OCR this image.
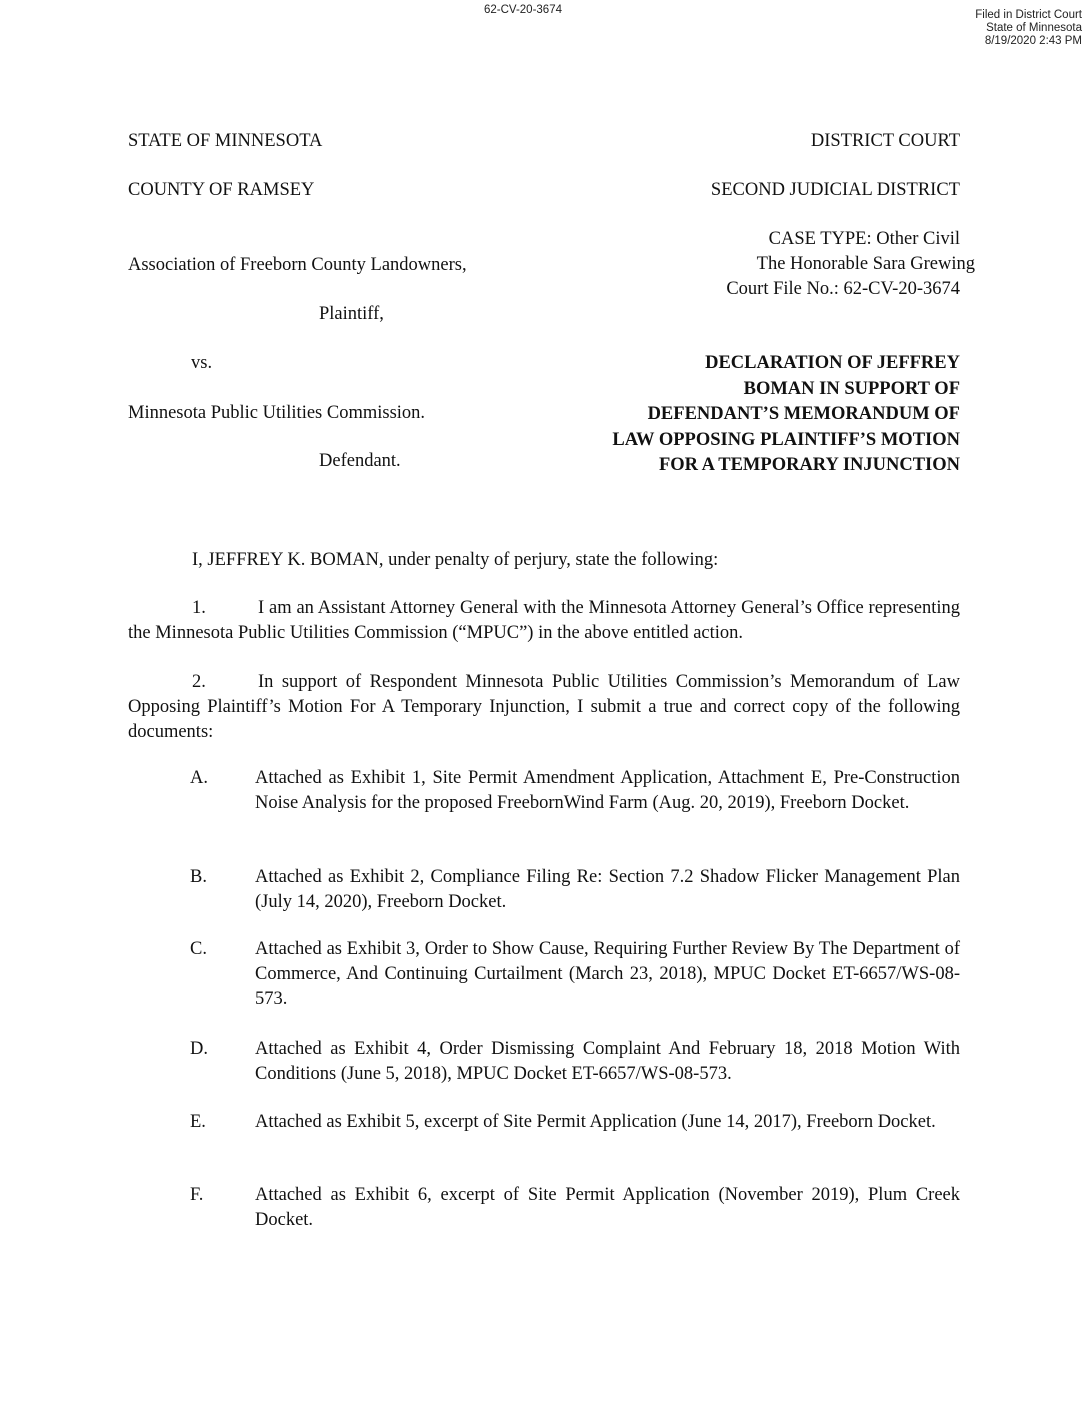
62-CV-20-3674	Filed in District Court
State of Minnesota
8/19/2020 2:43 PM
STATE OF MINNESOTA	DISTRICT COURT
COUNTY OF RAMSEY	SECOND JUDICIAL DISTRICT
CASE TYPE: Other Civil
The Honorable Sara Grewing
Court File No.: 62-CV-20-3674
Association of Freeborn County Landowners,
Plaintiff,
vs.
Minnesota Public Utilities Commission.
Defendant.
DECLARATION OF JEFFREY
BOMAN IN SUPPORT OF
DEFENDANT’S MEMORANDUM OF
LAW OPPOSING PLAINTIFF’S MOTION
FOR A TEMPORARY INJUNCTION
I, JEFFREY K. BOMAN, under penalty of perjury, state the following:
1.	I am an Assistant Attorney General with the Minnesota Attorney General’s Office representing the Minnesota Public Utilities Commission (“MPUC”) in the above entitled action.
2.	In support of Respondent Minnesota Public Utilities Commission’s Memorandum of Law Opposing Plaintiff’s Motion For A Temporary Injunction, I submit a true and correct copy of the following documents:
A.	Attached as Exhibit 1, Site Permit Amendment Application, Attachment E, Pre-Construction Noise Analysis for the proposed FreebornWind Farm (Aug. 20, 2019), Freeborn Docket.
B.	Attached as Exhibit 2, Compliance Filing Re: Section 7.2 Shadow Flicker Management Plan (July 14, 2020), Freeborn Docket.
C.	Attached as Exhibit 3, Order to Show Cause, Requiring Further Review By The Department of Commerce, And Continuing Curtailment (March 23, 2018), MPUC Docket ET-6657/WS-08-573.
D.	Attached as Exhibit 4, Order Dismissing Complaint And February 18, 2018 Motion With Conditions (June 5, 2018), MPUC Docket ET-6657/WS-08-573.
E.	Attached as Exhibit 5, excerpt of Site Permit Application (June 14, 2017), Freeborn Docket.
F.	Attached as Exhibit 6, excerpt of Site Permit Application (November 2019), Plum Creek Docket.
